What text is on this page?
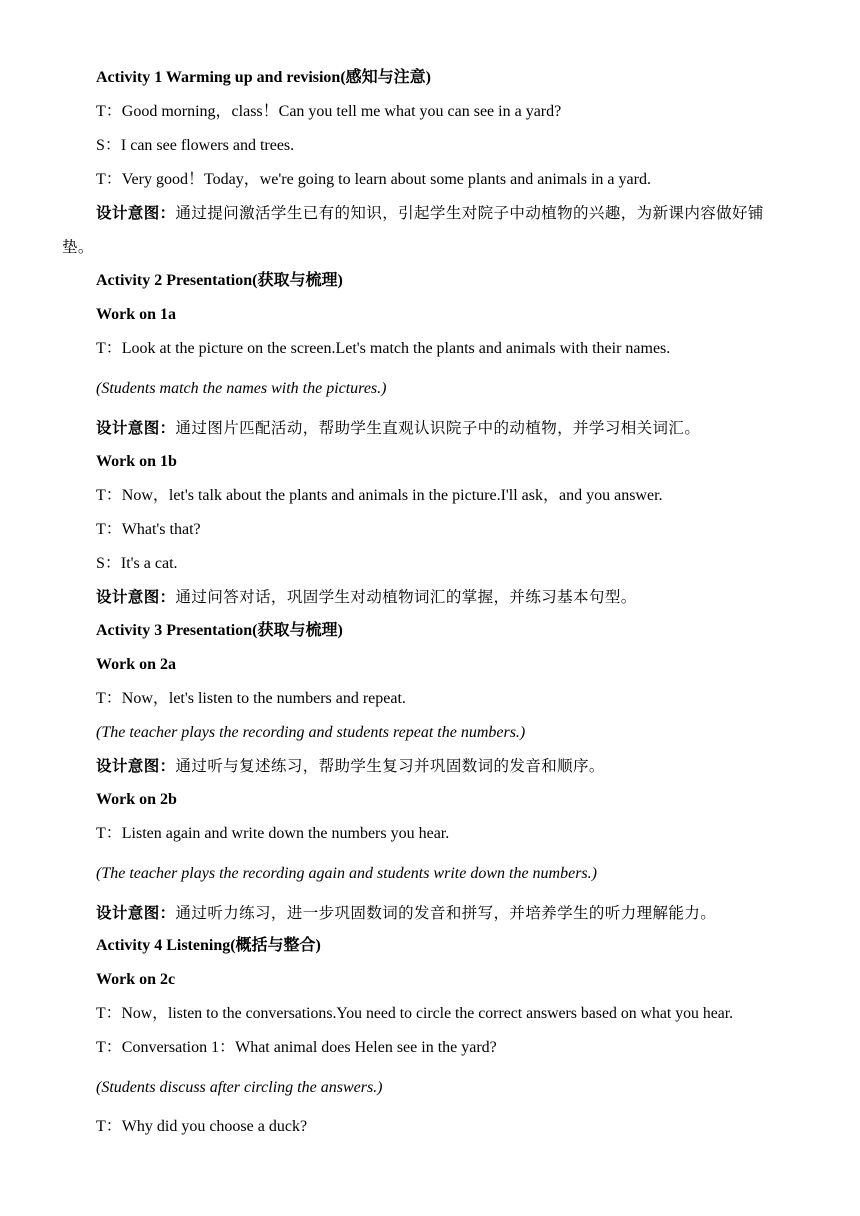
Activity 1 Warming up and revision(感知与注意)
T：Good morning，class！Can you tell me what you can see in a yard?
S：I can see flowers and trees.
T：Very good！Today，we're going to learn about some plants and animals in a yard.
设计意图：通过提问激活学生已有的知识，引起学生对院子中动植物的兴趣，为新课内容做好铺垫。
Activity 2 Presentation(获取与梳理)
Work on 1a
T：Look at the picture on the screen.Let's match the plants and animals with their names.
(Students match the names with the pictures.)
设计意图：通过图片匹配活动，帮助学生直观认识院子中的动植物，并学习相关词汇。
Work on 1b
T：Now，let's talk about the plants and animals in the picture.I'll ask，and you answer.
T：What's that?
S：It's a cat.
设计意图：通过问答对话，巩固学生对动植物词汇的掌握，并练习基本句型。
Activity 3 Presentation(获取与梳理)
Work on 2a
T：Now，let's listen to the numbers and repeat.
(The teacher plays the recording and students repeat the numbers.)
设计意图：通过听与复述练习，帮助学生复习并巩固数词的发音和顺序。
Work on 2b
T：Listen again and write down the numbers you hear.
(The teacher plays the recording again and students write down the numbers.)
设计意图：通过听力练习，进一步巩固数词的发音和拼写，并培养学生的听力理解能力。
Activity 4 Listening(概括与整合)
Work on 2c
T：Now，listen to the conversations.You need to circle the correct answers based on what you hear.
T：Conversation 1：What animal does Helen see in the yard?
(Students discuss after circling the answers.)
T：Why did you choose a duck?
